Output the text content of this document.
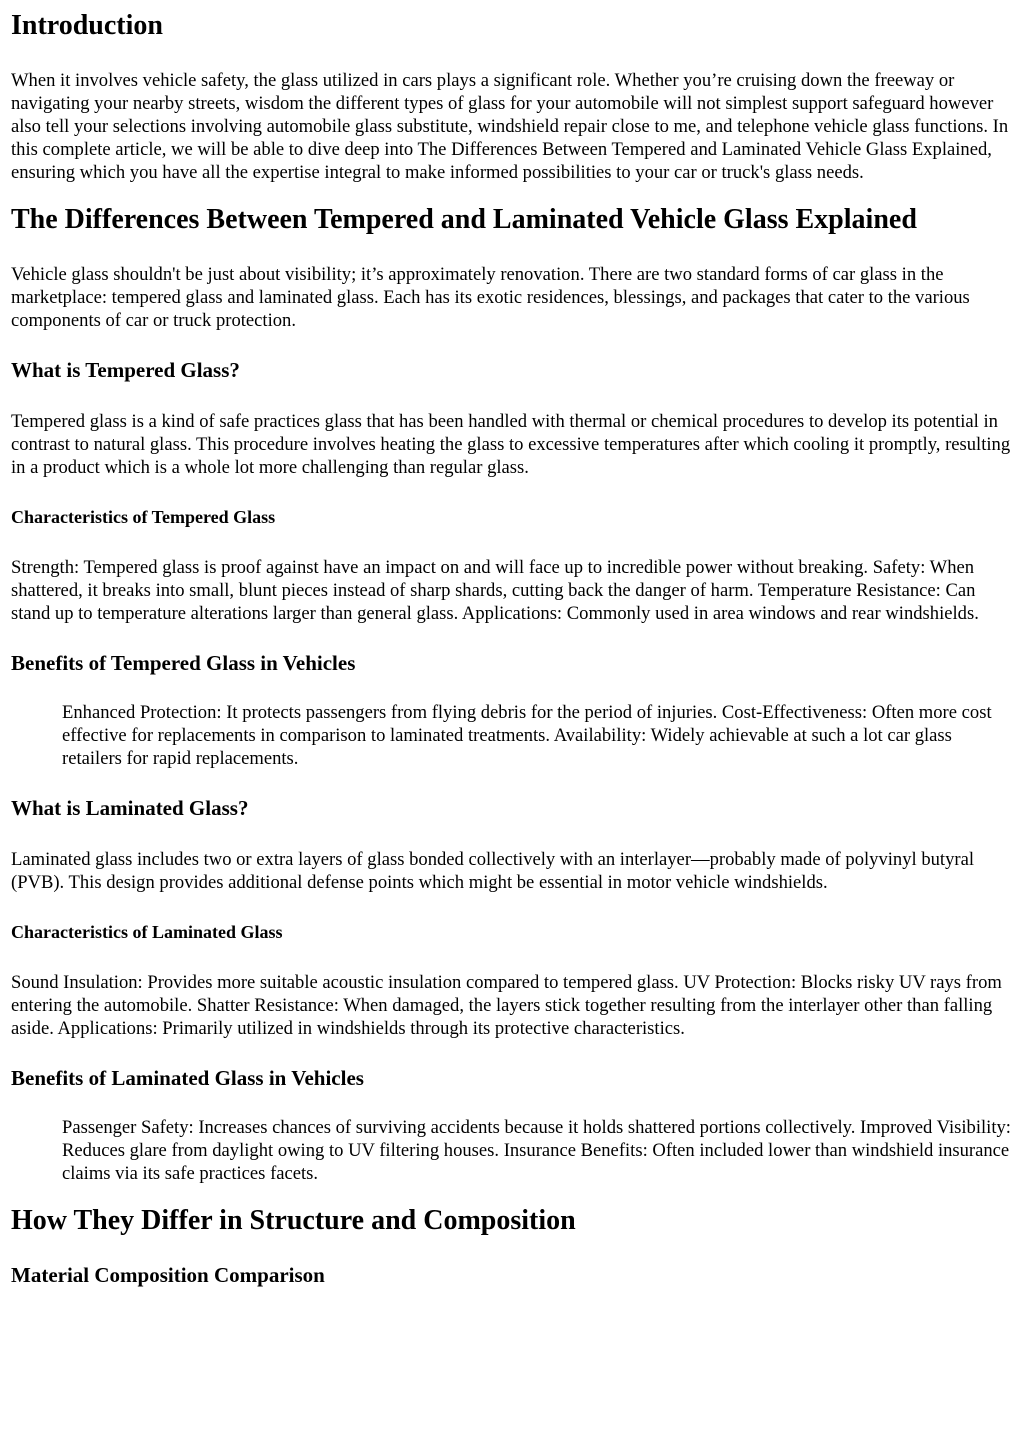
Introduction

When it involves vehicle safety, the glass utilized in cars plays a significant role. Whether you’re cruising down the freeway or navigating your nearby streets, wisdom the different types of glass for your automobile will not simplest support safeguard however also tell your selections involving automobile glass substitute, windshield repair close to me, and telephone vehicle glass functions. In this complete article, we will be able to dive deep into The Differences Between Tempered and Laminated Vehicle Glass Explained, ensuring which you have all the expertise integral to make informed possibilities to your car or truck's glass needs.

The Differences Between Tempered and Laminated Vehicle Glass Explained

Vehicle glass shouldn't be just about visibility; it’s approximately renovation. There are two standard forms of car glass in the marketplace: tempered glass and laminated glass. Each has its exotic residences, blessings, and packages that cater to the various components of car or truck protection.

What is Tempered Glass?

Tempered glass is a kind of safe practices glass that has been handled with thermal or chemical procedures to develop its potential in contrast to natural glass. This procedure involves heating the glass to excessive temperatures after which cooling it promptly, resulting in a product which is a whole lot more challenging than regular glass.

Characteristics of Tempered Glass

Strength: Tempered glass is proof against have an impact on and will face up to incredible power without breaking. Safety: When shattered, it breaks into small, blunt pieces instead of sharp shards, cutting back the danger of harm. Temperature Resistance: Can stand up to temperature alterations larger than general glass. Applications: Commonly used in area windows and rear windshields.

Benefits of Tempered Glass in Vehicles
Enhanced Protection: It protects passengers from flying debris for the period of injuries. Cost-Effectiveness: Often more cost effective for replacements in comparison to laminated treatments. Availability: Widely achievable at such a lot car glass retailers for rapid replacements.
What is Laminated Glass?

Laminated glass includes two or extra layers of glass bonded collectively with an interlayer—probably made of polyvinyl butyral (PVB). This design provides additional defense points which might be essential in motor vehicle windshields.

Characteristics of Laminated Glass

Sound Insulation: Provides more suitable acoustic insulation compared to tempered glass. UV Protection: Blocks risky UV rays from entering the automobile. Shatter Resistance: When damaged, the layers stick together resulting from the interlayer other than falling aside. Applications: Primarily utilized in windshields through its protective characteristics.

Benefits of Laminated Glass in Vehicles
Passenger Safety: Increases chances of surviving accidents because it holds shattered portions collectively. Improved Visibility: Reduces glare from daylight owing to UV filtering houses. Insurance Benefits: Often included lower than windshield insurance claims via its safe practices facets.
How They Differ in Structure and Composition
Material Composition Comparison
